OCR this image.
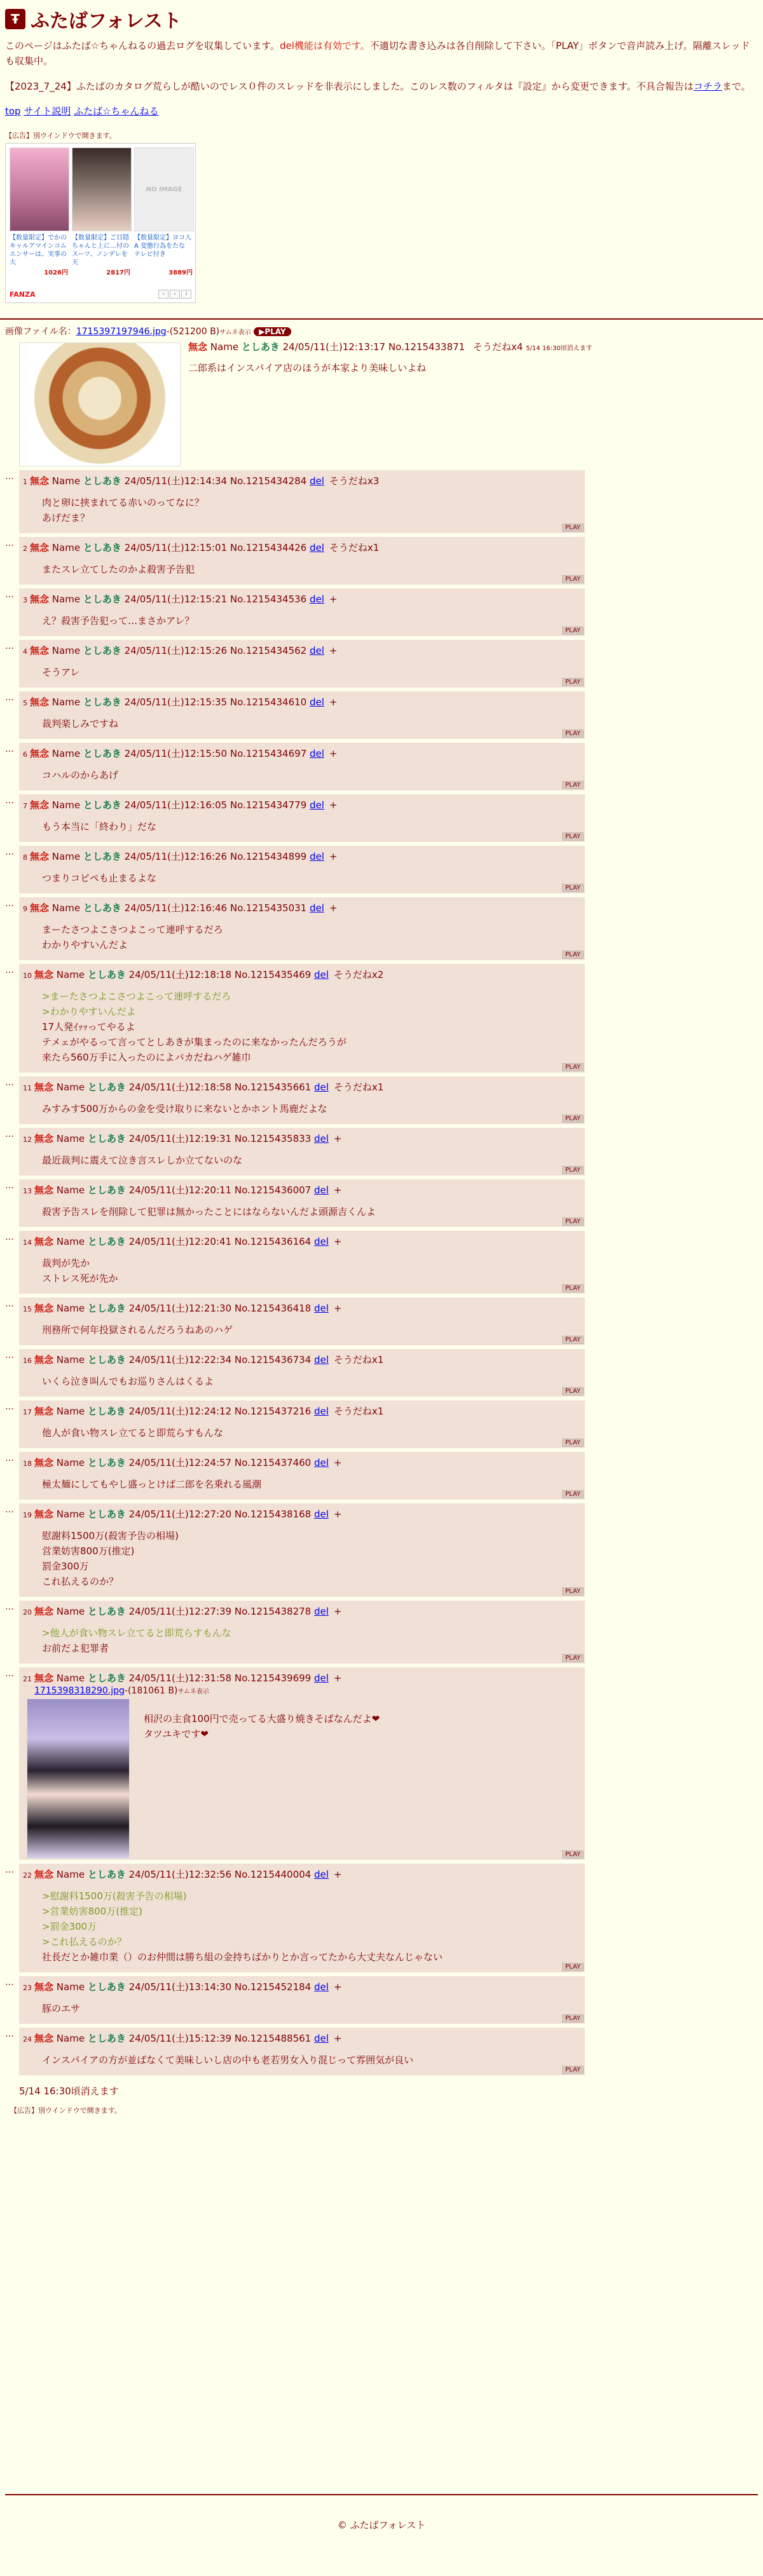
Ŧ ふたばフォレスト

このページはふたば☆ちゃんねるの過去ログを収集しています。del機能は有効です。不適切な書き込みは各自削除して下さい。「PLAY」ボタンで音声読み上げ。隔離スレッドも収集中。

【2023_7_24】ふたばのカタログ荒らしが酷いのでレス０件のスレッドを非表示にしました。このレス数のフィルタは『設定』から変更できます。不具合報告はコチラまで。

top サイト説明 ふたば☆ちゃんねる
【広告】別ウインドウで開きます。
【数量限定】でかのキャルアマインコムエンサーは、実事の大
1026円
【数量限定】ご目隠ちゃんと上に…付のスーツ、ノンデレを天
2817円
NO IMAGE
【数量限定】ヨコ人A 変態行為をたな テレビ付き
3889円
FANZA	‹	›	i
画像ファイル名：1715397197946.jpg-(521200 B)サムネ表示 ▶PLAY
無念 Name としあき 24/05/11(土)12:13:17 No.1215433871 そうだねx4 5/14 16:30頃消えます
二郎系はインスパイア店のほうが本家より美味しいよね
…
1 無念 Name としあき 24/05/11(土)12:14:34 No.1215434284 del そうだねx3
肉と卵に挟まれてる赤いのってなに？
あげだま？
PLAY
…
2 無念 Name としあき 24/05/11(土)12:15:01 No.1215434426 del そうだねx1
またスレ立てしたのかよ殺害予告犯
PLAY
…
3 無念 Name としあき 24/05/11(土)12:15:21 No.1215434536 del +
え？殺害予告犯って…まさかアレ？
PLAY
…
4 無念 Name としあき 24/05/11(土)12:15:26 No.1215434562 del +
そうアレ
PLAY
…
5 無念 Name としあき 24/05/11(土)12:15:35 No.1215434610 del +
裁判楽しみですね
PLAY
…
6 無念 Name としあき 24/05/11(土)12:15:50 No.1215434697 del +
コハルのからあげ
PLAY
…
7 無念 Name としあき 24/05/11(土)12:16:05 No.1215434779 del +
もう本当に「終わり」だな
PLAY
…
8 無念 Name としあき 24/05/11(土)12:16:26 No.1215434899 del +
つまりコピペも止まるよな
PLAY
…
9 無念 Name としあき 24/05/11(土)12:16:46 No.1215435031 del +
まーたさつよこさつよこって連呼するだろ
わかりやすいんだよ
PLAY
…
10 無念 Name としあき 24/05/11(土)12:18:18 No.1215435469 del そうだねx2
>まーたさつよこさつよこって連呼するだろ
>わかりやすいんだよ
17人発ｲｯｯってやるよ
テメェがやるって言ってとしあきが集まったのに来なかったんだろうが
来たら560万手に入ったのによバカだねハゲ雑巾
PLAY
…
11 無念 Name としあき 24/05/11(土)12:18:58 No.1215435661 del そうだねx1
みすみす500万からの金を受け取りに来ないとかホント馬鹿だよな
PLAY
…
12 無念 Name としあき 24/05/11(土)12:19:31 No.1215435833 del +
最近裁判に震えて泣き言スレしか立てないのな
PLAY
…
13 無念 Name としあき 24/05/11(土)12:20:11 No.1215436007 del +
殺害予告スレを削除して犯罪は無かったことにはならないんだよ頭源吉くんよ
PLAY
…
14 無念 Name としあき 24/05/11(土)12:20:41 No.1215436164 del +
裁判が先か
ストレス死が先か
PLAY
…
15 無念 Name としあき 24/05/11(土)12:21:30 No.1215436418 del +
刑務所で何年投獄されるんだろうねあのハゲ
PLAY
…
16 無念 Name としあき 24/05/11(土)12:22:34 No.1215436734 del そうだねx1
いくら泣き叫んでもお巡りさんはくるよ
PLAY
…
17 無念 Name としあき 24/05/11(土)12:24:12 No.1215437216 del そうだねx1
他人が食い物スレ立てると即荒らすもんな
PLAY
…
18 無念 Name としあき 24/05/11(土)12:24:57 No.1215437460 del +
極太麺にしてもやし盛っとけば二郎を名乗れる風潮
PLAY
…
19 無念 Name としあき 24/05/11(土)12:27:20 No.1215438168 del +
慰謝料1500万(殺害予告の相場)
営業妨害800万(推定)
罰金300万
これ払えるのか？
PLAY
…
20 無念 Name としあき 24/05/11(土)12:27:39 No.1215438278 del +
>他人が食い物スレ立てると即荒らすもんな
お前だよ犯罪者
PLAY
…
21 無念 Name としあき 24/05/11(土)12:31:58 No.1215439699 del +
1715398318290.jpg-(181061 B)サムネ表示
相沢の主食100円で売ってる大盛り焼きそばなんだよ❤
タツユキです❤
PLAY
…
22 無念 Name としあき 24/05/11(土)12:32:56 No.1215440004 del +
>慰謝料1500万(殺害予告の相場)
>営業妨害800万(推定)
>罰金300万
>これ払えるのか？
社長だとか雑巾業（）のお仲間は勝ち組の金持ちばかりとか言ってたから大丈夫なんじゃない
PLAY
…
23 無念 Name としあき 24/05/11(土)13:14:30 No.1215452184 del +
豚のエサ
PLAY
…
24 無念 Name としあき 24/05/11(土)15:12:39 No.1215488561 del +
インスパイアの方が並ばなくて美味しいし店の中も老若男女入り混じって雰囲気が良い
PLAY
5/14 16:30頃消えます
【広告】別ウインドウで開きます。
© ふたばフォレスト
